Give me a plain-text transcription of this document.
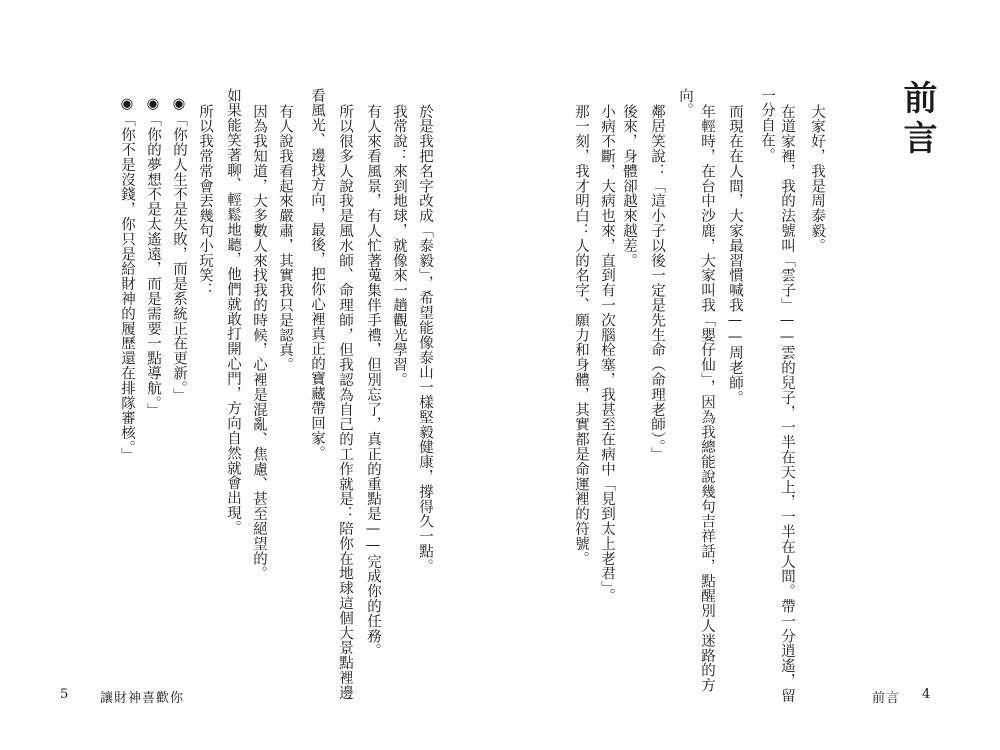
前言
大家好，我是周泰毅。
在道家裡，我的法號叫「雲子」——雲的兒子，一半在天上，一半在人間。帶一分逍遙，留
一分自在。
而現在在人間，大家最習慣喊我——周老師。
年輕時，在台中沙鹿，大家叫我「嬰仔仙」，因為我總能說幾句吉祥話，點醒別人迷路的方
向。
鄰居笑說：「這小子以後一定是先生命（命理老師）。」
後來，身體卻越來越差。
小病不斷，大病也來，直到有一次腦栓塞，我甚至在病中「見到太上老君」。
那一刻，我才明白：人的名字、願力和身體，其實都是命運裡的符號。
前言 4
於是我把名字改成「泰毅」，希望能像泰山一樣堅毅健康，撐得久一點。
我常說：來到地球，就像來一趟觀光學習。
有人來看風景，有人忙著蒐集伴手禮，但別忘了，真正的重點是——完成你的任務。
所以很多人說我是風水師、命理師，但我認為自己的工作就是：陪你在地球這個大景點裡邊
看風光、邊找方向，最後，把你心裡真正的寶藏帶回家。
有人說我看起來嚴肅，其實我只是認真。
因為我知道，大多數人來找我的時候，心裡是混亂、焦慮、甚至絕望的。
如果能笑著聊、輕鬆地聽，他們就敢打開心門，方向自然就會出現。
所以我常常會丟幾句小玩笑：
◉「你的人生不是失敗，而是系統正在更新。」
◉「你的夢想不是太遙遠，而是需要一點導航。」
◉「你不是沒錢，你只是給財神的履歷還在排隊審核。」
5 讓財神喜歡你
